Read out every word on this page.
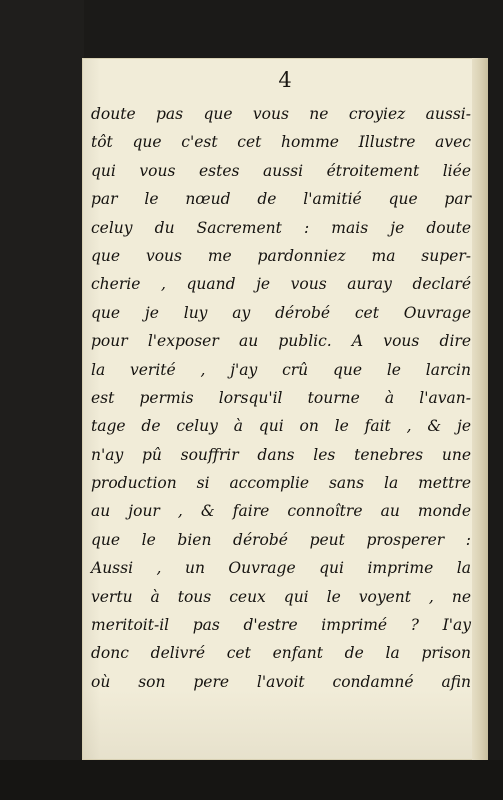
4

doute pas que vous ne croyiez aussi-
tôt que c'est cet homme Illustre avec
qui vous estes aussi étroitement liée
par le nœud de l'amitié que par
celuy du Sacrement : mais je doute
que vous me pardonniez ma super-
cherie , quand je vous auray declaré
que je luy ay dérobé cet Ouvrage
pour l'exposer au public. A vous dire
la verité , j'ay crû que le larcin
est permis lorsqu'il tourne à l'avan-
tage de celuy à qui on le fait , & je
n'ay pû souffrir dans les tenebres une
production si accomplie sans la mettre
au jour , & faire connoître au monde
que le bien dérobé peut prosperer :
Aussi , un Ouvrage qui imprime la
vertu à tous ceux qui le voyent , ne
meritoit-il pas d'estre imprimé ? I'ay
donc delivré cet enfant de la prison
où son pere l'avoit condamné afin
